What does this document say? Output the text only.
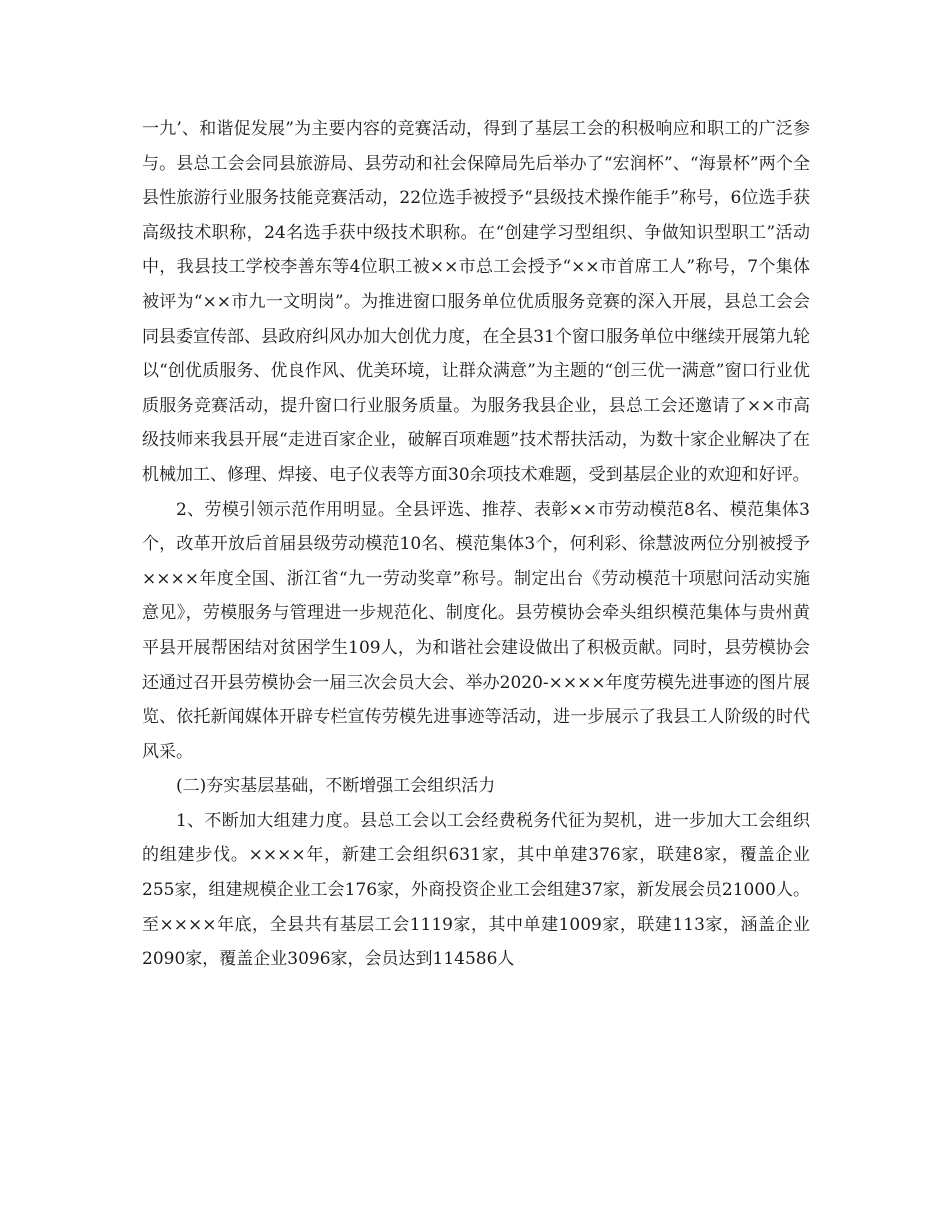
一九’、和谐促发展”为主要内容的竞赛活动，得到了基层工会的积极响应和职工的广泛参与。县总工会会同县旅游局、县劳动和社会保障局先后举办了“宏润杯”、“海景杯”两个全县性旅游行业服务技能竞赛活动，22位选手被授予“县级技术操作能手”称号，6位选手获高级技术职称，24名选手获中级技术职称。在“创建学习型组织、争做知识型职工”活动中，我县技工学校李善东等4位职工被××市总工会授予“××市首席工人”称号，7个集体被评为“××市九一文明岗”。为推进窗口服务单位优质服务竞赛的深入开展，县总工会会同县委宣传部、县政府纠风办加大创优力度，在全县31个窗口服务单位中继续开展第九轮以“创优质服务、优良作风、优美环境，让群众满意”为主题的“创三优一满意”窗口行业优质服务竞赛活动，提升窗口行业服务质量。为服务我县企业，县总工会还邀请了××市高级技师来我县开展“走进百家企业，破解百项难题”技术帮扶活动，为数十家企业解决了在机械加工、修理、焊接、电子仪表等方面30余项技术难题，受到基层企业的欢迎和好评。

2、劳模引领示范作用明显。全县评选、推荐、表彰××市劳动模范8名、模范集体3个，改革开放后首届县级劳动模范10名、模范集体3个，何利彩、徐慧波两位分别被授予××××年度全国、浙江省“九一劳动奖章”称号。制定出台《劳动模范十项慰问活动实施意见》，劳模服务与管理进一步规范化、制度化。县劳模协会牵头组织模范集体与贵州黄平县开展帮困结对贫困学生109人，为和谐社会建设做出了积极贡献。同时，县劳模协会还通过召开县劳模协会一届三次会员大会、举办2020-××××年度劳模先进事迹的图片展览、依托新闻媒体开辟专栏宣传劳模先进事迹等活动，进一步展示了我县工人阶级的时代风采。

(二)夯实基层基础，不断增强工会组织活力

1、不断加大组建力度。县总工会以工会经费税务代征为契机，进一步加大工会组织的组建步伐。××××年，新建工会组织631家，其中单建376家，联建8家，覆盖企业255家，组建规模企业工会176家，外商投资企业工会组建37家，新发展会员21000人。至××××年底，全县共有基层工会1119家，其中单建1009家，联建113家，涵盖企业2090家，覆盖企业3096家，会员达到114586人
